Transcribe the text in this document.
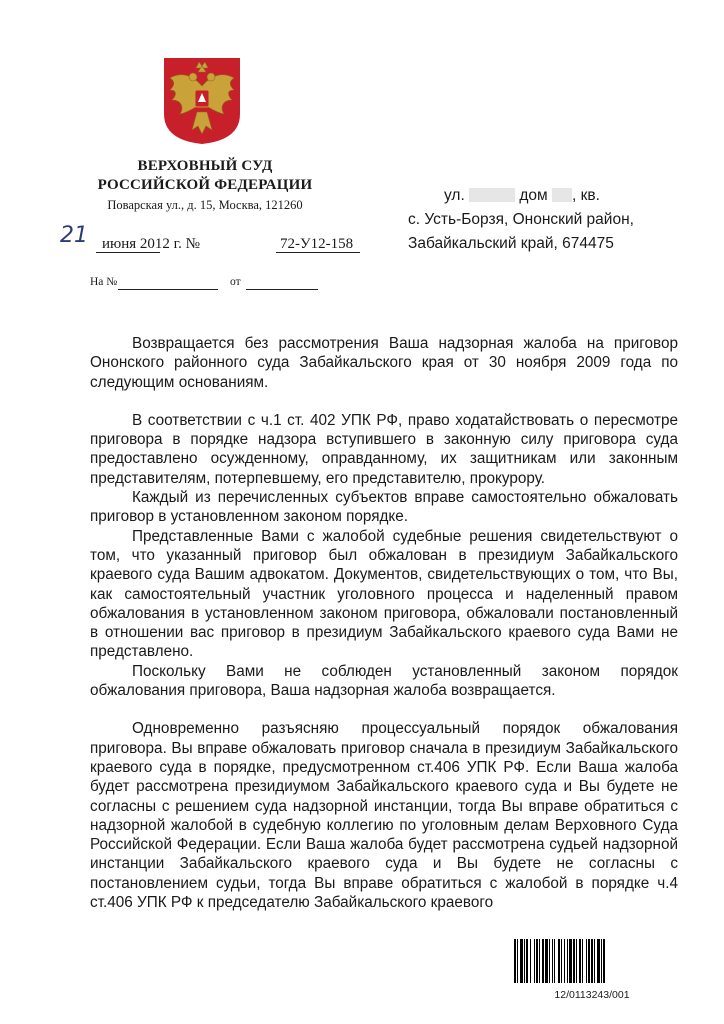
ВЕРХОВНЫЙ СУД
РОССИЙСКОЙ ФЕДЕРАЦИИ
Поварская ул., д. 15, Москва, 121260
21 июня 2012 г. №	72-У12-158
На №	от
ул.	дом , кв.
с. Усть-Борзя, Ононский район,
Забайкальский край, 674475

Возвращается без рассмотрения Ваша надзорная жалоба на приговор Ононского районного суда Забайкальского края от 30 ноября 2009 года по следующим основаниям.

В соответствии с ч.1 ст. 402 УПК РФ, право ходатайствовать о пересмотре приговора в порядке надзора вступившего в законную силу приговора суда предоставлено осужденному, оправданному, их защитникам или законным представителям, потерпевшему, его представителю, прокурору.

Каждый из перечисленных субъектов вправе самостоятельно обжаловать приговор в установленном законом порядке.

Представленные Вами с жалобой судебные решения свидетельствуют о том, что указанный приговор был обжалован в президиум Забайкальского краевого суда Вашим адвокатом. Документов, свидетельствующих о том, что Вы, как самостоятельный участник уголовного процесса и наделенный правом обжалования в установленном законом приговора, обжаловали постановленный в отношении вас приговор в президиум Забайкальского краевого суда Вами не представлено.

Поскольку Вами не соблюден установленный законом порядок обжалования приговора, Ваша надзорная жалоба возвращается.

Одновременно разъясняю процессуальный порядок обжалования приговора. Вы вправе обжаловать приговор сначала в президиум Забайкальского краевого суда в порядке, предусмотренном ст.406 УПК РФ. Если Ваша жалоба будет рассмотрена президиумом Забайкальского краевого суда и Вы будете не согласны с решением суда надзорной инстанции, тогда Вы вправе обратиться с надзорной жалобой в судебную коллегию по уголовным делам Верховного Суда Российской Федерации. Если Ваша жалоба будет рассмотрена судьей надзорной инстанции Забайкальского краевого суда и Вы будете не согласны с постановлением судьи, тогда Вы вправе обратиться с жалобой в порядке ч.4 ст.406 УПК РФ к председателю Забайкальского краевого

12/0113243/001
